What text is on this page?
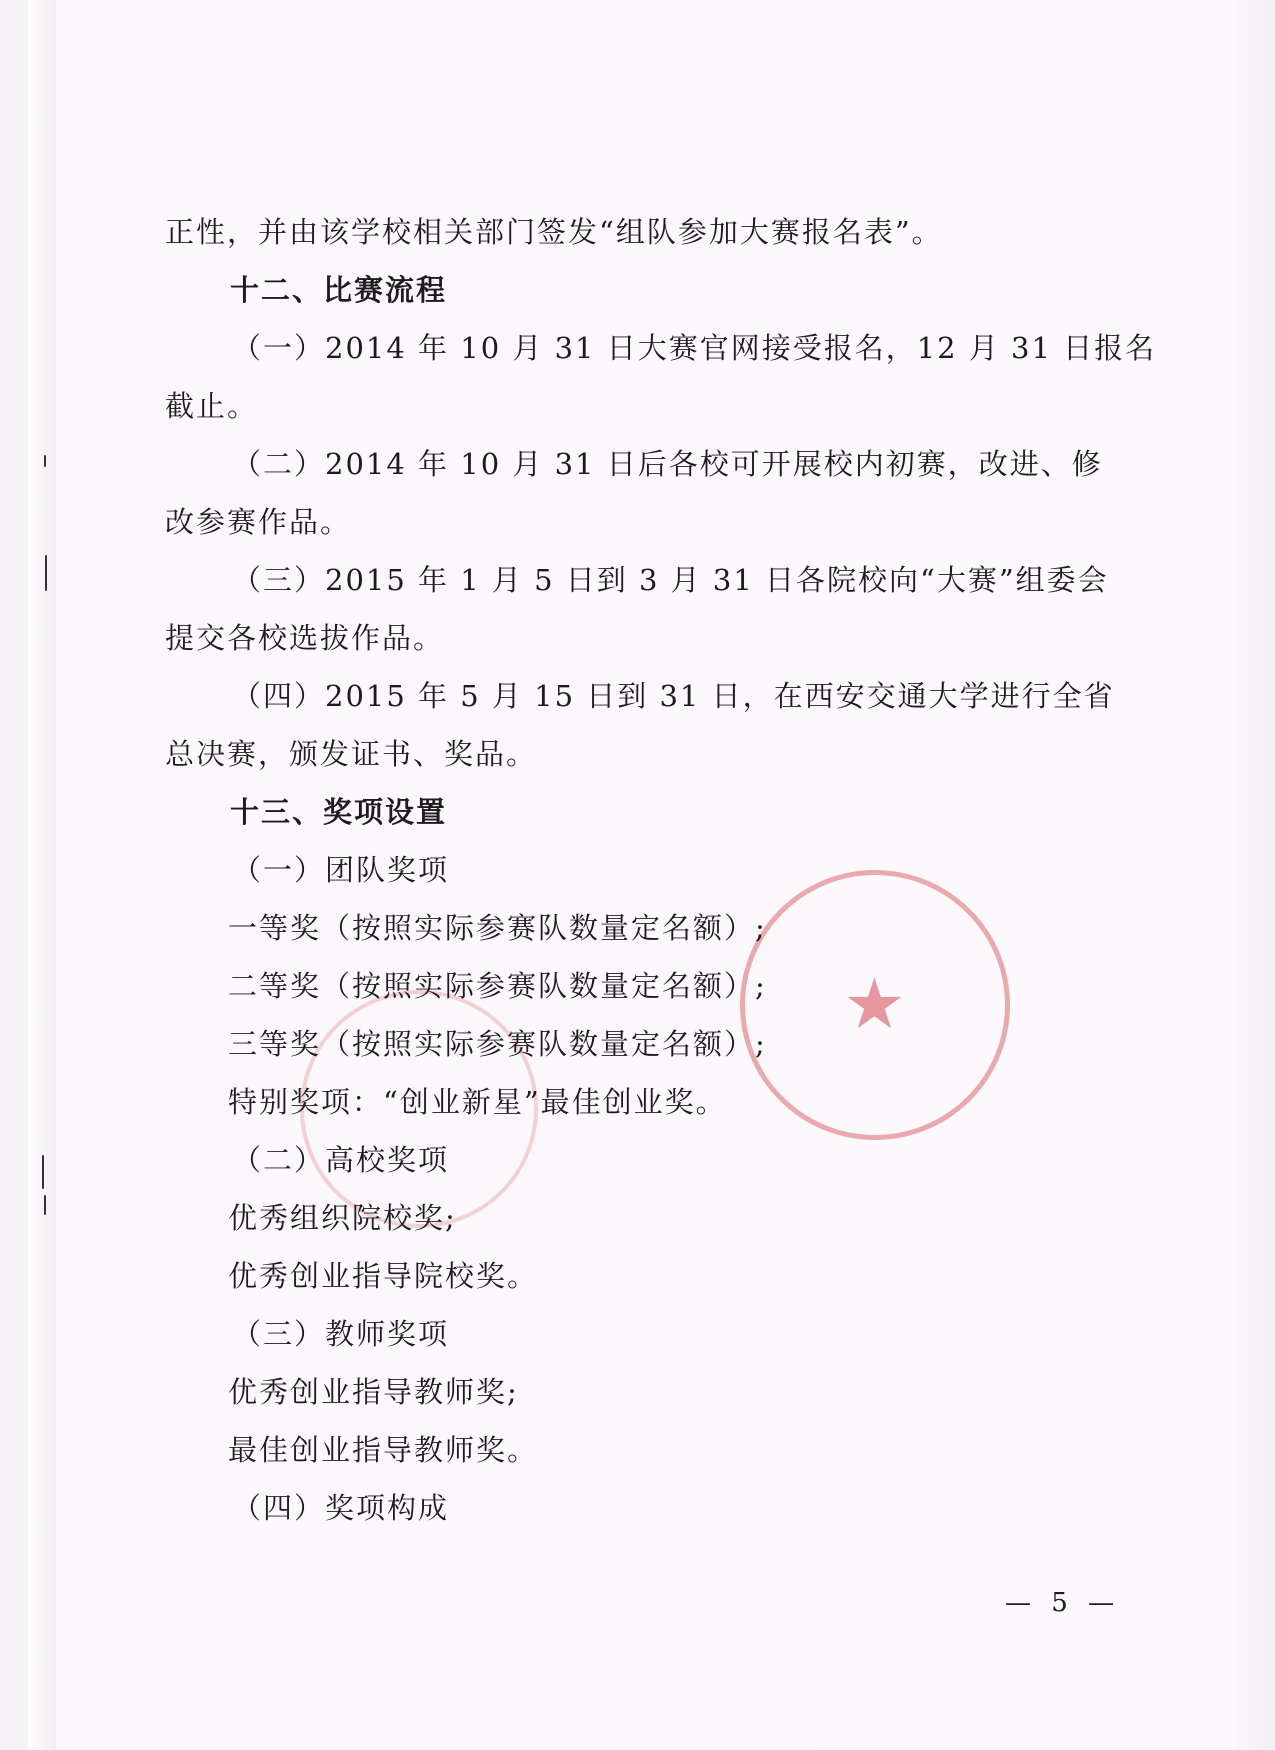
★
正性，并由该学校相关部门签发“组队参加大赛报名表”。
十二、比赛流程
（一）2014 年 10 月 31 日大赛官网接受报名，12 月 31 日报名
截止。
（二）2014 年 10 月 31 日后各校可开展校内初赛，改进、修
改参赛作品。
（三）2015 年 1 月 5 日到 3 月 31 日各院校向“大赛”组委会
提交各校选拔作品。
（四）2015 年 5 月 15 日到 31 日，在西安交通大学进行全省
总决赛，颁发证书、奖品。
十三、奖项设置
（一）团队奖项
一等奖（按照实际参赛队数量定名额）;
二等奖（按照实际参赛队数量定名额）;
三等奖（按照实际参赛队数量定名额）;
特别奖项：“创业新星”最佳创业奖。
（二）高校奖项
优秀组织院校奖;
优秀创业指导院校奖。
（三）教师奖项
优秀创业指导教师奖;
最佳创业指导教师奖。
（四）奖项构成
— 5 —
